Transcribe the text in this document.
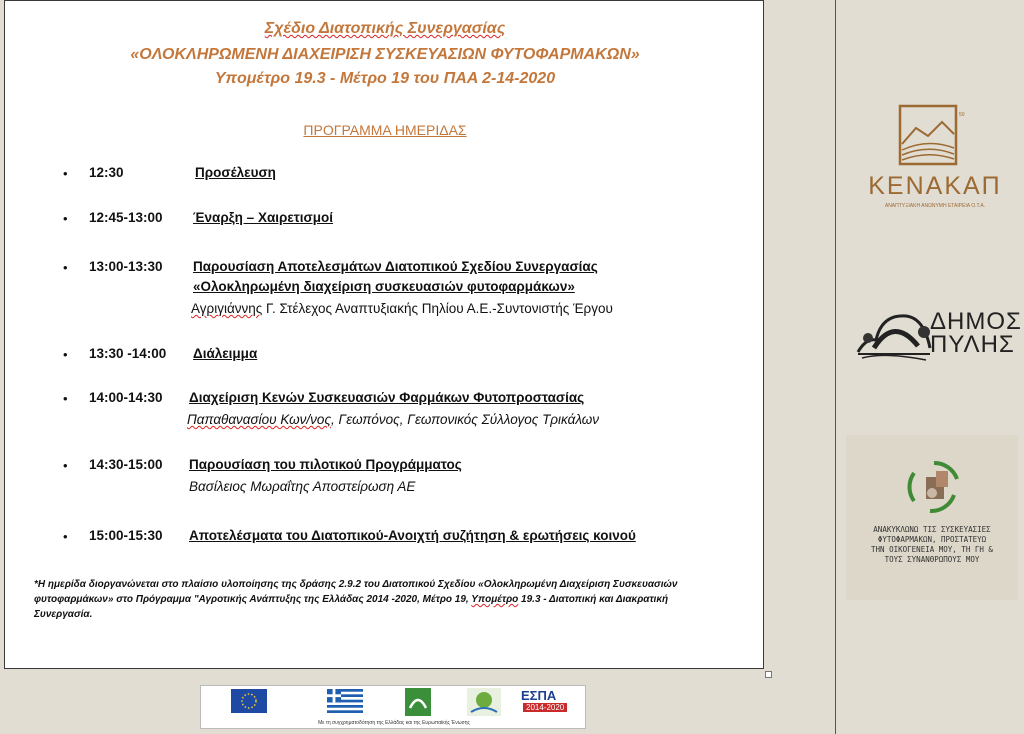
Σχέδιο Διατοπικής Συνεργασίας
«ΟΛΟΚΛΗΡΩΜΕΝΗ ΔΙΑΧΕΙΡΙΣΗ ΣΥΣΚΕΥΑΣΙΩΝ ΦΥΤΟΦΑΡΜΑΚΩΝ»
Υπομέτρο 19.3 - Μέτρο 19 του ΠΑΑ 2-14-2020
ΠΡΟΓΡΑΜΜΑ ΗΜΕΡΙΔΑΣ
• 12:30	Προσέλευση
• 12:45-13:00 Έναρξη – Χαιρετισμοί
• 13:00-13:30 Παρουσίαση Αποτελεσμάτων Διατοπικού Σχεδίου Συνεργασίας
«Ολοκληρωμένη διαχείριση συσκευασιών φυτοφαρμάκων»
Αγριγιάννης Γ. Στέλεχος Αναπτυξιακής Πηλίου Α.Ε.-Συντονιστής Έργου
• 13:30 -14:00 Διάλειμμα
• 14:00-14:30 Διαχείριση Κενών Συσκευασιών Φαρμάκων Φυτοπροστασίας
Παπαθανασίου Κων/νος, Γεωπόνος, Γεωπονικός Σύλλογος Τρικάλων
• 14:30-15:00 Παρουσίαση του πιλοτικού Προγράμματος
Βασίλειος Μωραΐτης Αποστείρωση ΑΕ
• 15:00-15:30 Αποτελέσματα του Διατοπικού-Ανοιχτή συζήτηση & ερωτήσεις κοινού
*Η ημερίδα διοργανώνεται στο πλαίσιο υλοποίησης της δράσης 2.9.2 του Διατοπικού Σχεδίου «Ολοκληρωμένη Διαχείριση Συσκευασιών φυτοφαρμάκων» στο Πρόγραμμα "Αγροτικής Ανάπτυξης της Ελλάδας 2014 -2020, Μέτρο 19, Υπομέτρο 19.3 - Διατοπική και Διακρατική Συνεργασία.
50
ΚΕΝΑΚΑΠ
ΑΝΑΠΤΥΞΙΑΚΗ ΑΝΩΝΥΜΗ ΕΤΑΙΡΕΙΑ Ο.Τ.Α.
ΔΗΜΟΣ
ΠΥΛΗΣ
ΑΝΑΚΥΚΛΩΝΩ ΤΙΣ ΣΥΣΚΕΥΑΣΙΕΣ
ΦΥΤΟΦΑΡΜΑΚΩΝ, ΠΡΟΣΤΑΤΕΥΩ
ΤΗΝ ΟΙΚΟΓΕΝΕΙΑ ΜΟΥ, ΤΗ ΓΗ &
ΤΟΥΣ ΣΥΝΑΝΘΡΩΠΟΥΣ ΜΟΥ
ΕΣΠΑ
2014-2020
Με τη συγχρηματοδότηση της Ελλάδας και της Ευρωπαϊκής Ένωσης
